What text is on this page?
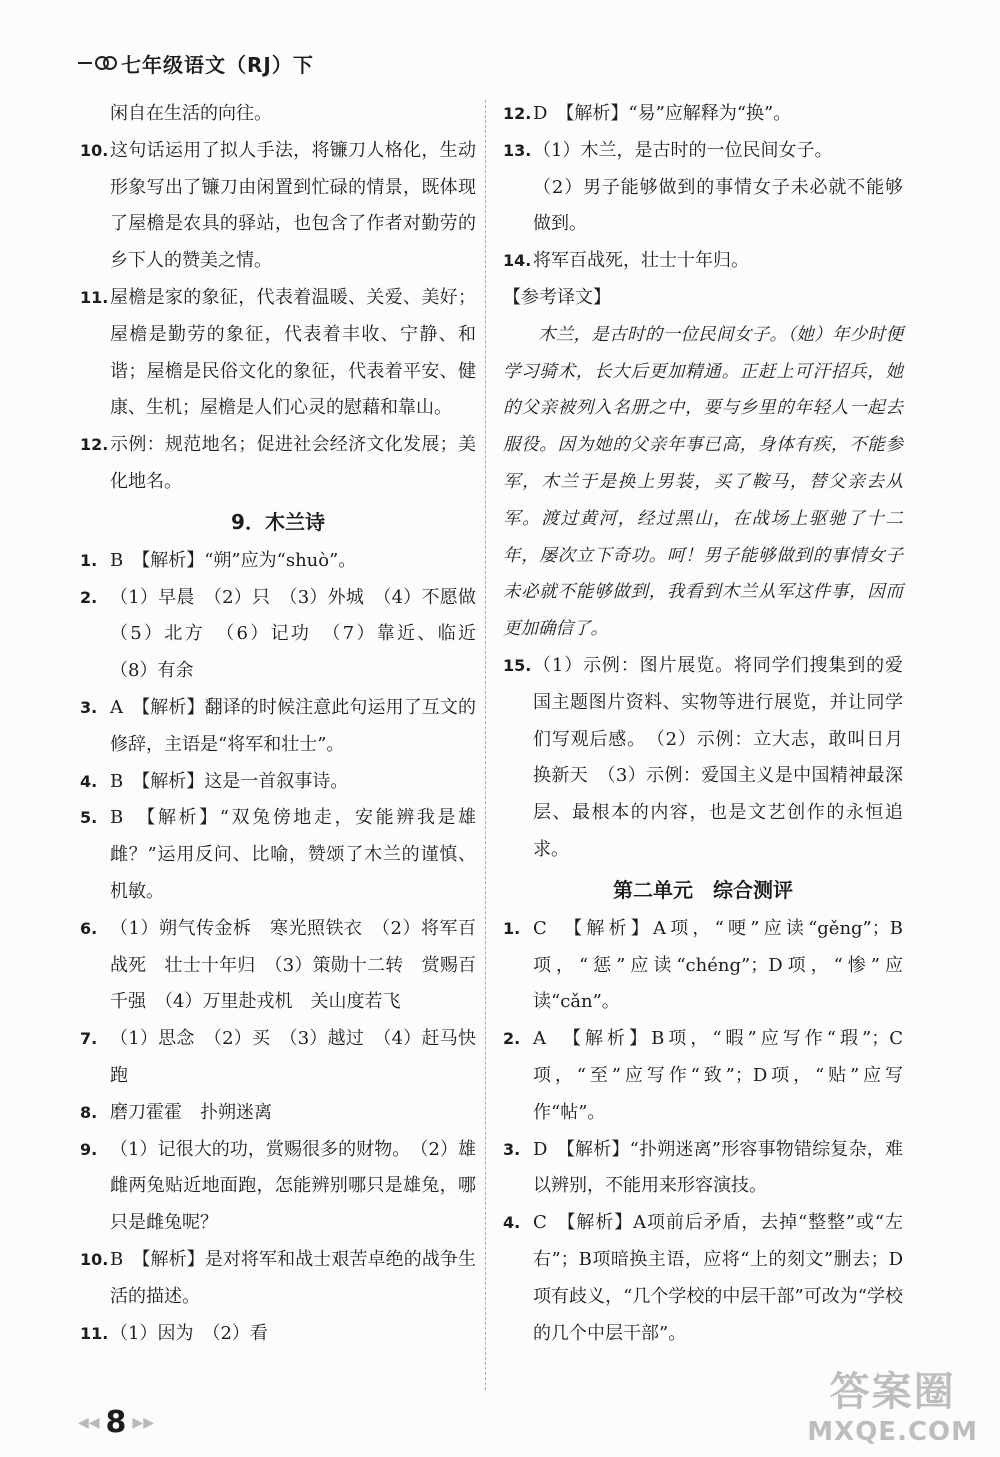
七年级语文（RJ）下
闲自在生活的向往。
10. 这句话运用了拟人手法，将镰刀人格化，生动形象写出了镰刀由闲置到忙碌的情景，既体现了屋檐是农具的驿站，也包含了作者对勤劳的乡下人的赞美之情。
11. 屋檐是家的象征，代表着温暖、关爱、美好；屋檐是勤劳的象征，代表着丰收、宁静、和谐；屋檐是民俗文化的象征，代表着平安、健康、生机；屋檐是人们心灵的慰藉和靠山。
12. 示例：规范地名；促进社会经济文化发展；美化地名。
9．木兰诗
1. B　【解析】“朔”应为“shuò”。
2. （1）早晨　（2）只　（3）外城　（4）不愿做　（5）北方　（6）记功　（7）靠近、临近　（8）有余
3. A　【解析】翻译的时候注意此句运用了互文的修辞，主语是“将军和壮士”。
4. B　【解析】这是一首叙事诗。
5. B　【解析】“双兔傍地走，安能辨我是雄雌？”运用反问、比喻，赞颂了木兰的谨慎、机敏。
6. （1）朔气传金柝　寒光照铁衣　（2）将军百战死　壮士十年归　（3）策勋十二转　赏赐百千强　（4）万里赴戎机　关山度若飞
7. （1）思念　（2）买　（3）越过　（4）赶马快跑
8. 磨刀霍霍　扑朔迷离
9. （1）记很大的功，赏赐很多的财物。　（2）雄雌两兔贴近地面跑，怎能辨别哪只是雄兔，哪只是雌兔呢？
10. B　【解析】是对将军和战士艰苦卓绝的战争生活的描述。
11. （1）因为　（2）看
12. D　【解析】“易”应解释为“换”。
13. （1）木兰，是古时的一位民间女子。
（2）男子能够做到的事情女子未必就不能够做到。
14. 将军百战死，壮士十年归。
【参考译文】
木兰，是古时的一位民间女子。（她）年少时便学习骑术，长大后更加精通。正赶上可汗招兵，她的父亲被列入名册之中，要与乡里的年轻人一起去服役。因为她的父亲年事已高，身体有疾，不能参军，木兰于是换上男装，买了鞍马，替父亲去从军。渡过黄河，经过黑山，在战场上驱驰了十二年，屡次立下奇功。呵！男子能够做到的事情女子未必就不能够做到，我看到木兰从军这件事，因而更加确信了。
15. （1）示例：图片展览。将同学们搜集到的爱国主题图片资料、实物等进行展览，并让同学们写观后感。　（2）示例：立大志，敢叫日月换新天　（3）示例：爱国主义是中国精神最深层、最根本的内容，也是文艺创作的永恒追求。
第二单元　综合测评
1. C　【解析】A项，“哽”应读“gěng”；B项，“惩”应读“chéng”；D项，“惨”应读“cǎn”。
2. A　【解析】B项，“暇”应写作“瑕”；C项，“至”应写作“致”；D项，“贴”应写作“帖”。
3. D　【解析】“扑朔迷离”形容事物错综复杂，难以辨别，不能用来形容演技。
4. C　【解析】A项前后矛盾，去掉“整整”或“左右”；B项暗换主语，应将“上的刻文”删去；D项有歧义，“几个学校的中层干部”可改为“学校的几个中层干部”。
◀◀ 8 ▶▶
答案圈
MXQE.COM
